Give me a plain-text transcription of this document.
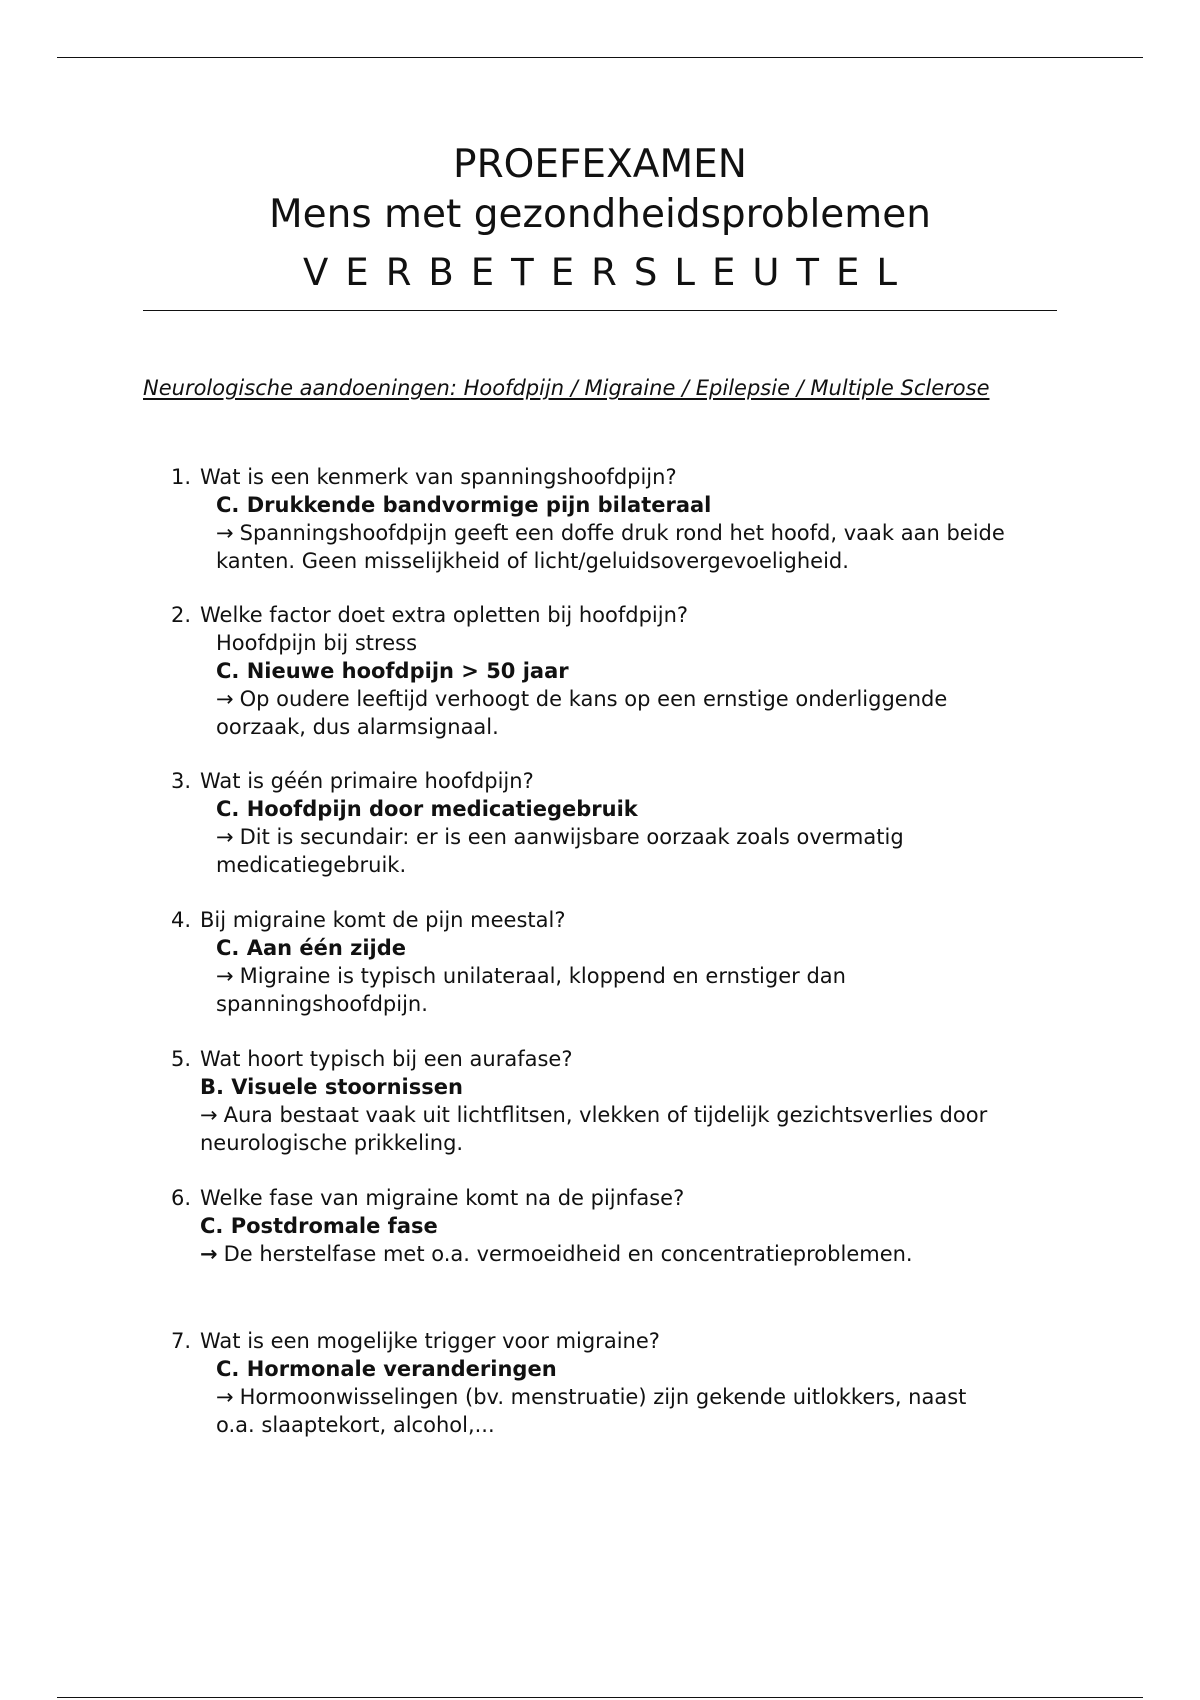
PROEFEXAMEN
Mens met gezondheidsproblemen
VERBETERSLEUTEL
Neurologische aandoeningen: Hoofdpijn / Migraine / Epilepsie / Multiple Sclerose
1. Wat is een kenmerk van spanningshoofdpijn?
C. Drukkende bandvormige pijn bilateraal
→ Spanningshoofdpijn geeft een doffe druk rond het hoofd, vaak aan beide
kanten. Geen misselijkheid of licht/geluidsovergevoeligheid.
2. Welke factor doet extra opletten bij hoofdpijn?
Hoofdpijn bij stress
C. Nieuwe hoofdpijn > 50 jaar
→ Op oudere leeftijd verhoogt de kans op een ernstige onderliggende
oorzaak, dus alarmsignaal.
3. Wat is géén primaire hoofdpijn?
C. Hoofdpijn door medicatiegebruik
→ Dit is secundair: er is een aanwijsbare oorzaak zoals overmatig
medicatiegebruik.
4. Bij migraine komt de pijn meestal?
C. Aan één zijde
→ Migraine is typisch unilateraal, kloppend en ernstiger dan
spanningshoofdpijn.
5. Wat hoort typisch bij een aurafase?
B. Visuele stoornissen
→ Aura bestaat vaak uit lichtflitsen, vlekken of tijdelijk gezichtsverlies door
neurologische prikkeling.
6. Welke fase van migraine komt na de pijnfase?
C. Postdromale fase
→ De herstelfase met o.a. vermoeidheid en concentratieproblemen.
7. Wat is een mogelijke trigger voor migraine?
C. Hormonale veranderingen
→ Hormoonwisselingen (bv. menstruatie) zijn gekende uitlokkers, naast
o.a. slaaptekort, alcohol,...
